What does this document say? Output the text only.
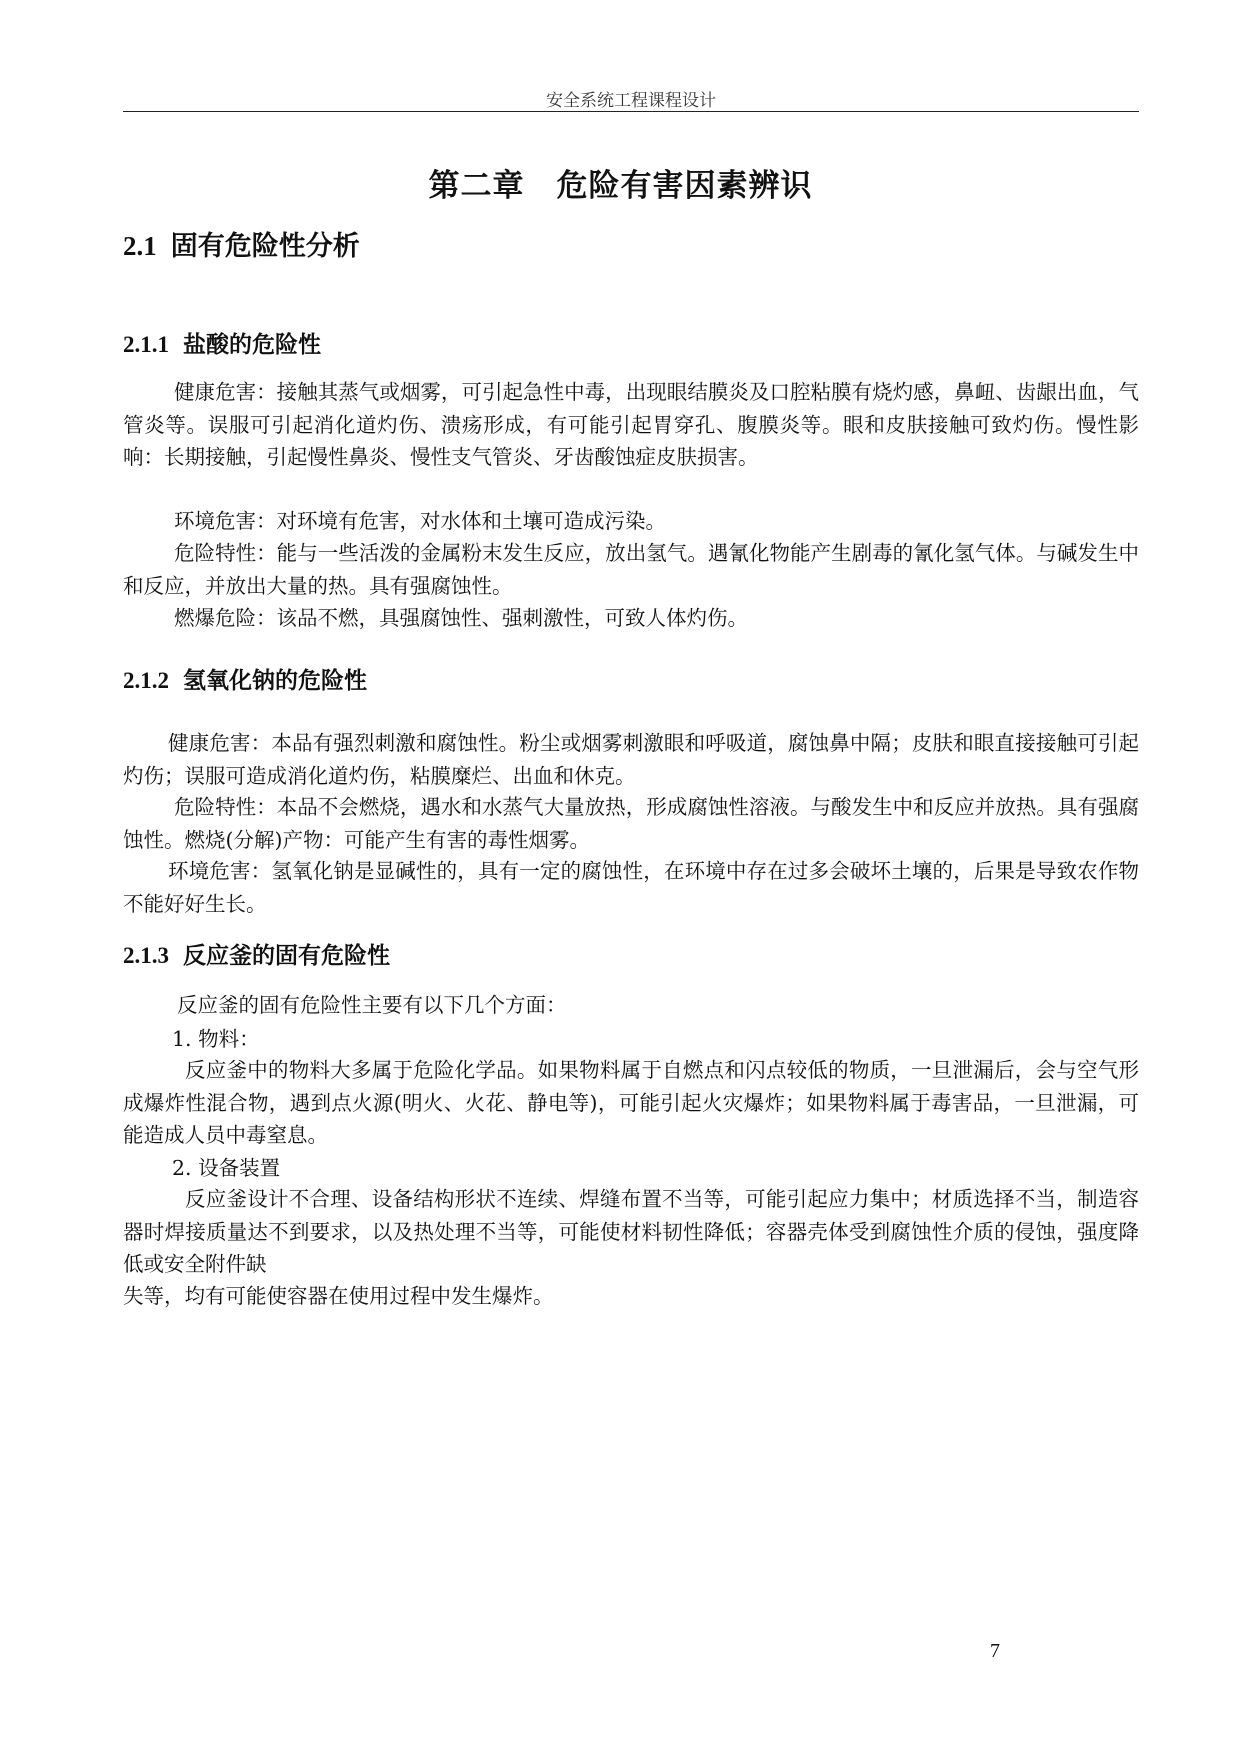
安全系统工程课程设计
第二章　危险有害因素辨识
2.1 固有危险性分析
2.1.1 盐酸的危险性
健康危害：接触其蒸气或烟雾，可引起急性中毒，出现眼结膜炎及口腔粘膜有烧灼感，鼻衄、齿龈出血，气管炎等。误服可引起消化道灼伤、溃疡形成，有可能引起胃穿孔、腹膜炎等。眼和皮肤接触可致灼伤。慢性影响：长期接触，引起慢性鼻炎、慢性支气管炎、牙齿酸蚀症皮肤损害。
环境危害：对环境有危害，对水体和土壤可造成污染。
危险特性：能与一些活泼的金属粉末发生反应，放出氢气。遇氰化物能产生剧毒的氰化氢气体。与碱发生中和反应，并放出大量的热。具有强腐蚀性。
燃爆危险：该品不燃，具强腐蚀性、强刺激性，可致人体灼伤。
2.1.2 氢氧化钠的危险性
健康危害：本品有强烈刺激和腐蚀性。粉尘或烟雾刺激眼和呼吸道，腐蚀鼻中隔；皮肤和眼直接接触可引起灼伤；误服可造成消化道灼伤，粘膜糜烂、出血和休克。
危险特性：本品不会燃烧，遇水和水蒸气大量放热，形成腐蚀性溶液。与酸发生中和反应并放热。具有强腐蚀性。燃烧(分解)产物：可能产生有害的毒性烟雾。
环境危害：氢氧化钠是显碱性的，具有一定的腐蚀性，在环境中存在过多会破坏土壤的，后果是导致农作物不能好好生长。
2.1.3 反应釜的固有危险性
反应釜的固有危险性主要有以下几个方面：
1. 物料：
反应釜中的物料大多属于危险化学品。如果物料属于自燃点和闪点较低的物质，一旦泄漏后，会与空气形成爆炸性混合物，遇到点火源(明火、火花、静电等)，可能引起火灾爆炸；如果物料属于毒害品，一旦泄漏，可能造成人员中毒窒息。
2. 设备装置
反应釜设计不合理、设备结构形状不连续、焊缝布置不当等，可能引起应力集中；材质选择不当，制造容器时焊接质量达不到要求，以及热处理不当等，可能使材料韧性降低；容器壳体受到腐蚀性介质的侵蚀，强度降低或安全附件缺
失等，均有可能使容器在使用过程中发生爆炸。
7
